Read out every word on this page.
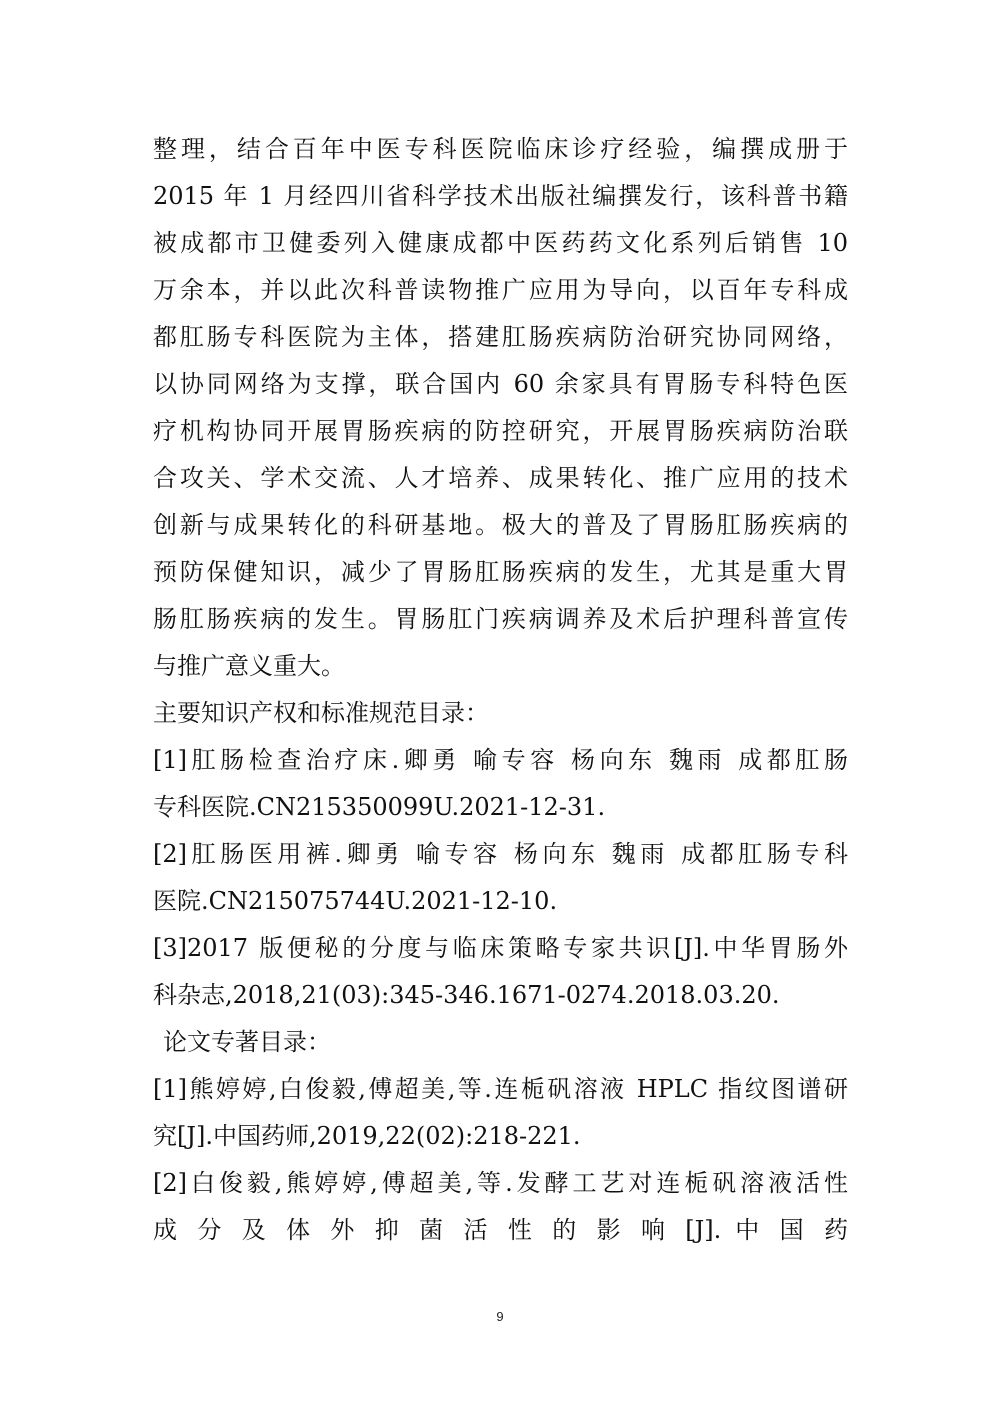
整理，结合百年中医专科医院临床诊疗经验，编撰成册于
2015 年 1 月经四川省科学技术出版社编撰发行，该科普书籍
被成都市卫健委列入健康成都中医药药文化系列后销售 10
万余本，并以此次科普读物推广应用为导向，以百年专科成
都肛肠专科医院为主体，搭建肛肠疾病防治研究协同网络，
以协同网络为支撑，联合国内 60 余家具有胃肠专科特色医
疗机构协同开展胃肠疾病的防控研究，开展胃肠疾病防治联
合攻关、学术交流、人才培养、成果转化、推广应用的技术
创新与成果转化的科研基地。极大的普及了胃肠肛肠疾病的
预防保健知识，减少了胃肠肛肠疾病的发生，尤其是重大胃
肠肛肠疾病的发生。胃肠肛门疾病调养及术后护理科普宣传
与推广意义重大。
主要知识产权和标准规范目录：
[1]肛肠检查治疗床.卿勇 喻专容 杨向东 魏雨 成都肛肠
专科医院.CN215350099U.2021-12-31.
[2]肛肠医用裤.卿勇 喻专容 杨向东 魏雨 成都肛肠专科
医院.CN215075744U.2021-12-10.
[3]2017 版便秘的分度与临床策略专家共识[J].中华胃肠外
科杂志,2018,21(03):345-346.1671-0274.2018.03.20.
论文专著目录：
[1]熊婷婷,白俊毅,傅超美,等.连栀矾溶液 HPLC 指纹图谱研
究[J].中国药师,2019,22(02):218-221.
[2]白俊毅,熊婷婷,傅超美,等.发酵工艺对连栀矾溶液活性
成 分 及 体 外 抑 菌 活 性 的 影 响 [J]. 中 国 药
9
